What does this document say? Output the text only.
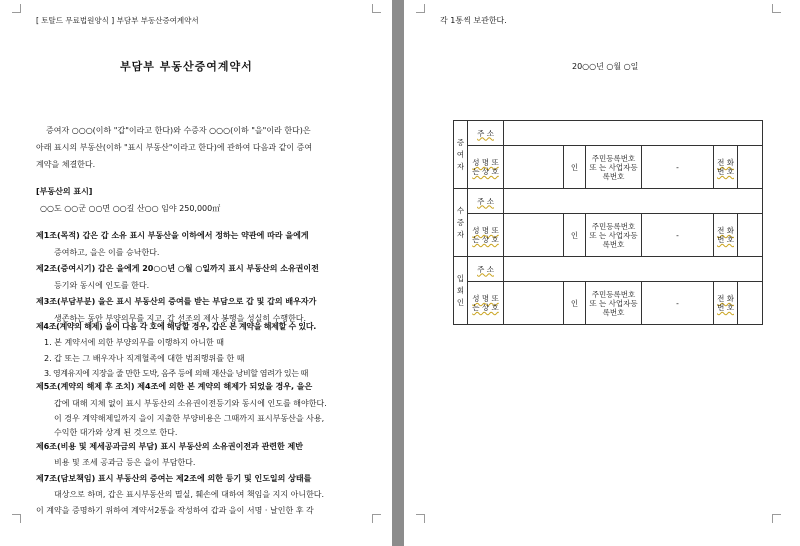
[ 토탈드 무료법원양식 ] 부담부 부동산증여계약서
부담부 부동산증여계약서
증여자 ○○○(이하 "갑"이라고 한다)와 수증자 ○○○(이하 "을"이라 한다)은
아래 표시의 부동산(이하 "표시 부동산"이라고 한다)에 관하여 다음과 같이 증여
계약을 체결한다.
[부동산의 표시]
○○도 ○○군 ○○면 ○○길 산○○ 임야 250,000㎡
제1조(목적) 갑은 갑 소유 표시 부동산을 이하에서 정하는 약관에 따라 을에게
증여하고, 을은 이를 승낙한다.
제2조(증여시기) 갑은 을에게 20○○년 ○월 ○일까지 표시 부동산의 소유권이전
등기와 동시에 인도를 한다.
제3조(부담부분) 을은 표시 부동산의 증여를 받는 부담으로 갑 및 갑의 배우자가
생존하는 동안 부양의무를 지고, 갑 선조의 제사 봉행을 성실히 수행한다.
제4조(계약의 해제) 을이 다음 각 호에 해당할 경우, 갑은 본 계약을 해제할 수 있다.
1. 본 계약서에 의한 부양의무를 이행하지 아니한 때
2. 갑 또는 그 배우자나 직계혈족에 대한 범죄행위를 한 때
3. 영계유지에 지장을 줄 만한 도박, 음주 등에 의해 재산을 낭비할 염려가 있는 때
제5조(계약의 해제 후 조치) 제4조에 의한 본 계약의 해제가 되었을 경우, 을은
갑에 대해 지체 없이 표시 부동산의 소유권이전등기와 동시에 인도를 해야한다.
이 경우 계약해제일까지 을이 지출한 부양비용은 그때까지 표시부동산을 사용,
수익한 대가와 상계 된 것으로 한다.
제6조(비용 및 제세공과금의 부담) 표시 부동산의 소유권이전과 관련한 제반
비용 및 조세 공과금 등은 을이 부담한다.
제7조(담보책임) 표시 부동산의 증여는 제2조에 의한 등기 및 인도일의 상태를
대상으로 하며, 갑은 표시부동산의 멸실, 훼손에 대하여 책임을 지지 아니한다.
이 계약을 증명하기 위하여 계약서2통을 작성하여 갑과 을이 서명 · 날인한 후 각
각 1통씩 보관한다.
20○○년 ○월 ○일
증여자	주 소						
	성 명 또 는 상 호		인	주민등록번호 또 는 사업자등록번호	-	전 화 번 호	
수증자	주 소						
	성 명 또 는 상 호		인	주민등록번호 또 는 사업자등록번호	-	전 화 번 호	
입회인	주 소						
	성 명 또 는 상 호		인	주민등록번호 또 는 사업자등록번호	-	전 화 번 호	
